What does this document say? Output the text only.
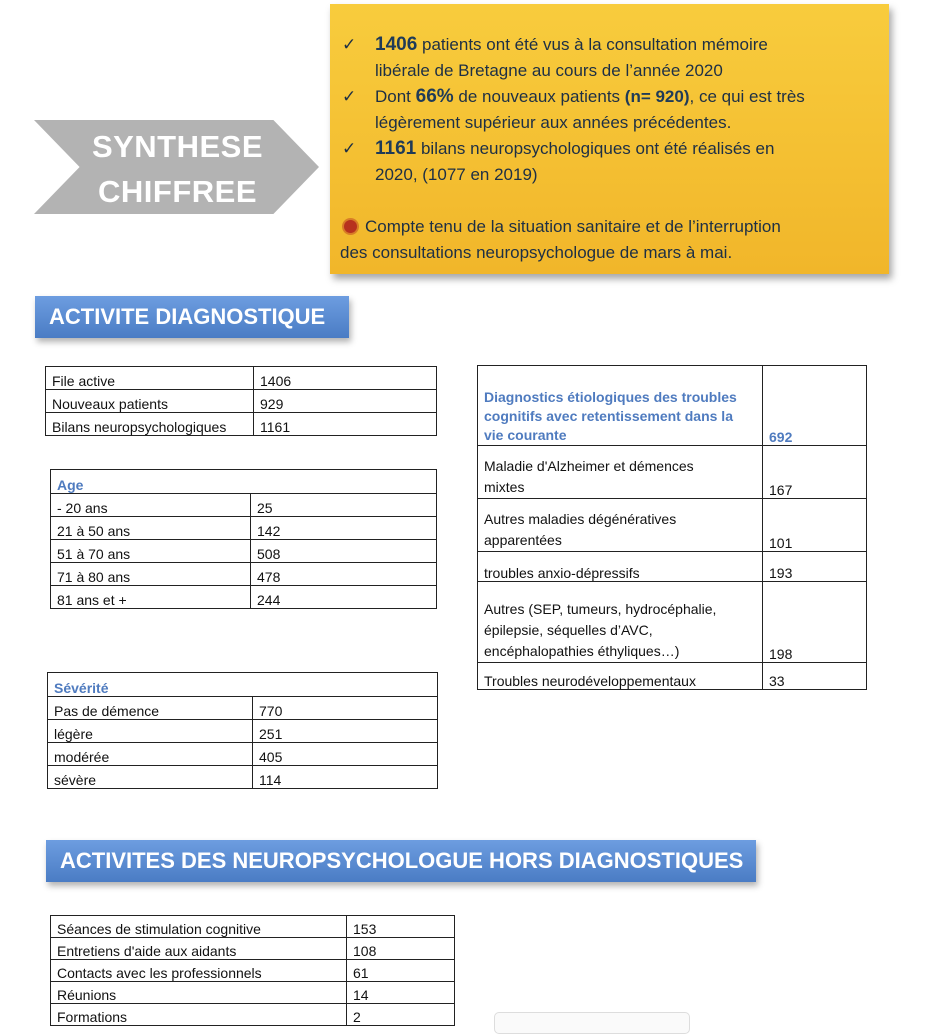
SYNTHESE
CHIFFREE
✓ 1406 patients ont été vus à la consultation mémoire
libérale de Bretagne au cours de l’année 2020
✓ Dont 66% de nouveaux patients (n= 920), ce qui est très
légèrement supérieur aux années précédentes.
✓ 1161 bilans neuropsychologiques ont été réalisés en
2020, (1077 en 2019)
Compte tenu de la situation sanitaire et de l’interruption
des consultations neuropsychologue de mars à mai.
ACTIVITE DIAGNOSTIQUE
File active	1406
Nouveaux patients	929
Bilans neuropsychologiques	1161
Age	
- 20 ans	25
21 à 50 ans	142
51 à 70 ans	508
71 à 80 ans	478
81 ans et +	244
Sévérité	
Pas de démence	770
légère	251
modérée	405
sévère	114
Diagnostics étiologiques des troubles
cognitifs avec retentissement dans la
vie courante	692
Maladie d'Alzheimer et démences
mixtes	167
Autres maladies dégénératives
apparentées	101
troubles anxio-dépressifs	193
Autres (SEP, tumeurs, hydrocéphalie,
épilepsie, séquelles d’AVC,
encéphalopathies éthyliques…)	198
Troubles neurodéveloppementaux	33
ACTIVITES DES NEUROPSYCHOLOGUE HORS DIAGNOSTIQUES
Séances de stimulation cognitive	153
Entretiens d'aide aux aidants	108
Contacts avec les professionnels	61
Réunions	14
Formations	2
